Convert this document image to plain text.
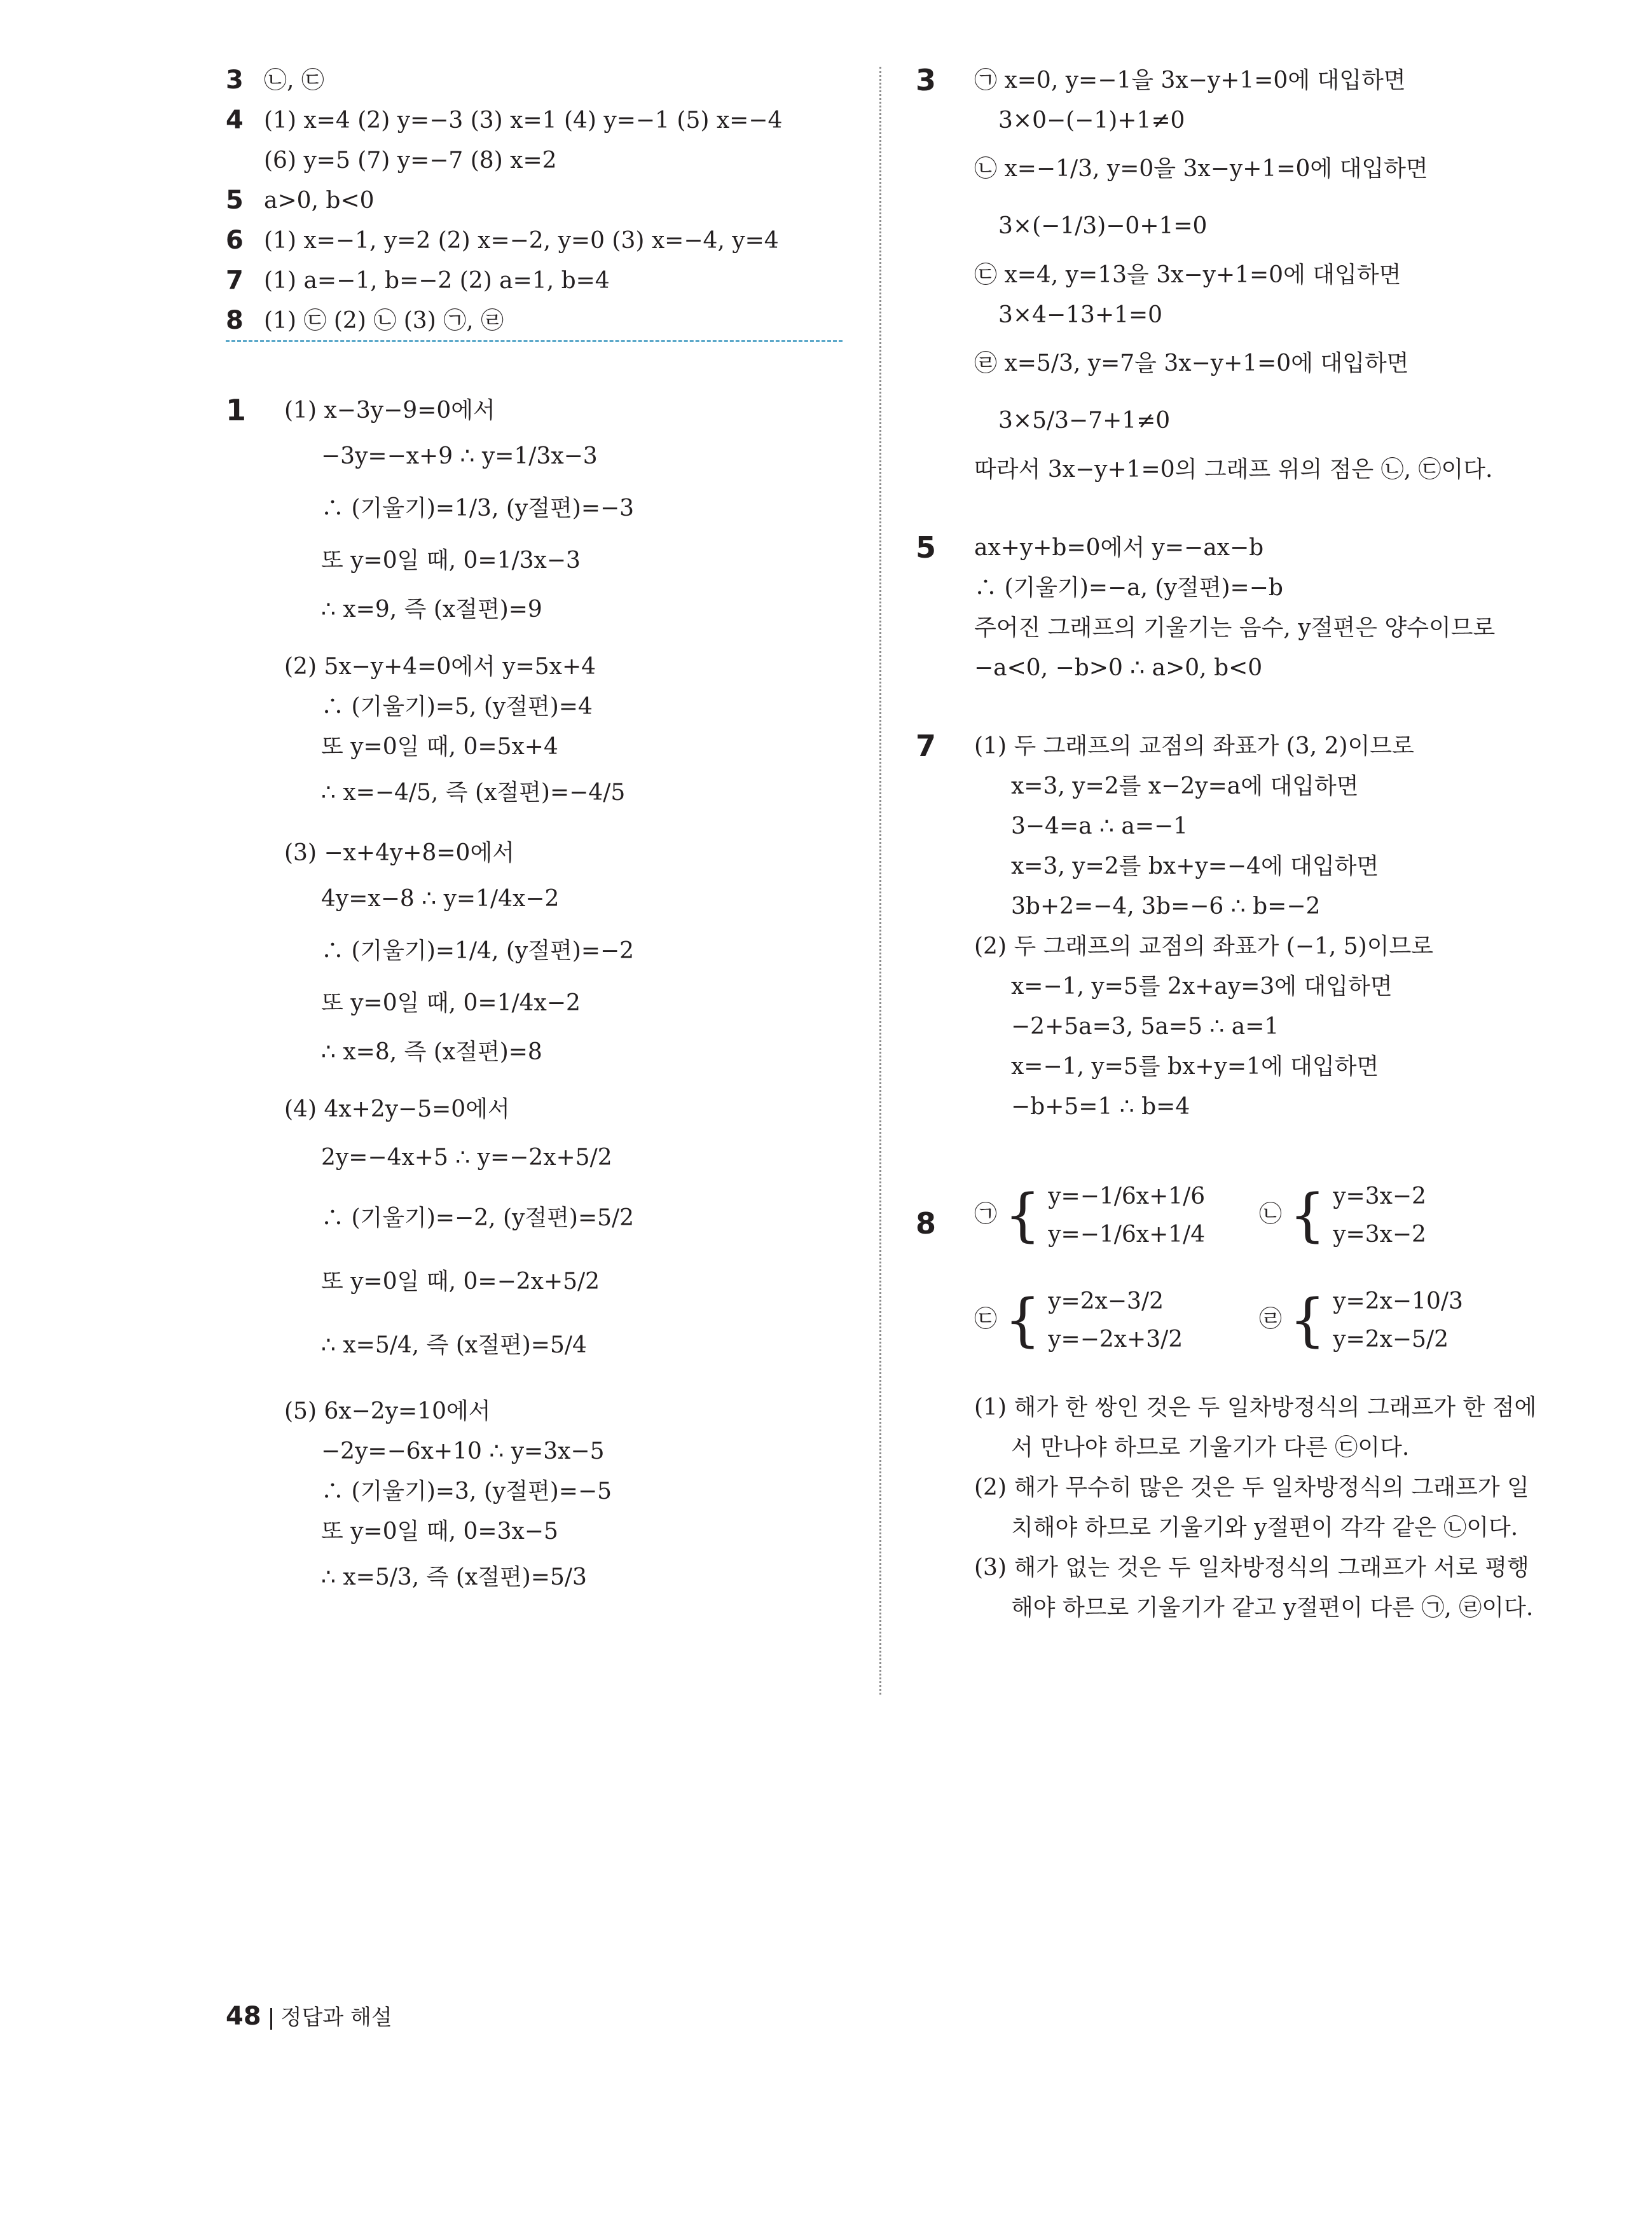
3 ㉡, ㉢
4 (1) x=4 (2) y=−3 (3) x=1 (4) y=−1 (5) x=−4
(6) y=5 (7) y=−7 (8) x=2
5 a>0, b<0
6 (1) x=−1, y=2 (2) x=−2, y=0 (3) x=−4, y=4
7 (1) a=−1, b=−2 (2) a=1, b=4
8 (1) ㉢ (2) ㉡ (3) ㉠, ㉣
1 (1) x−3y−9=0에서
−3y=−x+9 ∴ y=1/3x−3
∴ (기울기)=1/3, (y절편)=−3
또 y=0일 때, 0=1/3x−3
∴ x=9, 즉 (x절편)=9
(2) 5x−y+4=0에서 y=5x+4
∴ (기울기)=5, (y절편)=4
또 y=0일 때, 0=5x+4
∴ x=−4/5, 즉 (x절편)=−4/5
(3) −x+4y+8=0에서
4y=x−8 ∴ y=1/4x−2
∴ (기울기)=1/4, (y절편)=−2
또 y=0일 때, 0=1/4x−2
∴ x=8, 즉 (x절편)=8
(4) 4x+2y−5=0에서
2y=−4x+5 ∴ y=−2x+5/2
∴ (기울기)=−2, (y절편)=5/2
또 y=0일 때, 0=−2x+5/2
∴ x=5/4, 즉 (x절편)=5/4
(5) 6x−2y=10에서
−2y=−6x+10 ∴ y=3x−5
∴ (기울기)=3, (y절편)=−5
또 y=0일 때, 0=3x−5
∴ x=5/3, 즉 (x절편)=5/3
3 ㉠ x=0, y=−1을 3x−y+1=0에 대입하면
3×0−(−1)+1≠0
㉡ x=−1/3, y=0을 3x−y+1=0에 대입하면
3×(−1/3)−0+1=0
㉢ x=4, y=13을 3x−y+1=0에 대입하면
3×4−13+1=0
㉣ x=5/3, y=7을 3x−y+1=0에 대입하면
3×5/3−7+1≠0
따라서 3x−y+1=0의 그래프 위의 점은 ㉡, ㉢이다.
5 ax+y+b=0에서 y=−ax−b
∴ (기울기)=−a, (y절편)=−b
주어진 그래프의 기울기는 음수, y절편은 양수이므로
−a<0, −b>0 ∴ a>0, b<0
7 (1) 두 그래프의 교점의 좌표가 (3, 2)이므로
x=3, y=2를 x−2y=a에 대입하면
3−4=a ∴ a=−1
x=3, y=2를 bx+y=−4에 대입하면
3b+2=−4, 3b=−6 ∴ b=−2
(2) 두 그래프의 교점의 좌표가 (−1, 5)이므로
x=−1, y=5를 2x+ay=3에 대입하면
−2+5a=3, 5a=5 ∴ a=1
x=−1, y=5를 bx+y=1에 대입하면
−b+5=1 ∴ b=4
8 ㉠ { y=−1/6x+1/6
y=−1/6x+1/4
㉡ { y=3x−2
y=3x−2
㉢ { y=2x−3/2
y=−2x+3/2
㉣ { y=2x−10/3
y=2x−5/2
(1) 해가 한 쌍인 것은 두 일차방정식의 그래프가 한 점에
서 만나야 하므로 기울기가 다른 ㉢이다.
(2) 해가 무수히 많은 것은 두 일차방정식의 그래프가 일
치해야 하므로 기울기와 y절편이 각각 같은 ㉡이다.
(3) 해가 없는 것은 두 일차방정식의 그래프가 서로 평행
해야 하므로 기울기가 같고 y절편이 다른 ㉠, ㉣이다.
48 정답과 해설
